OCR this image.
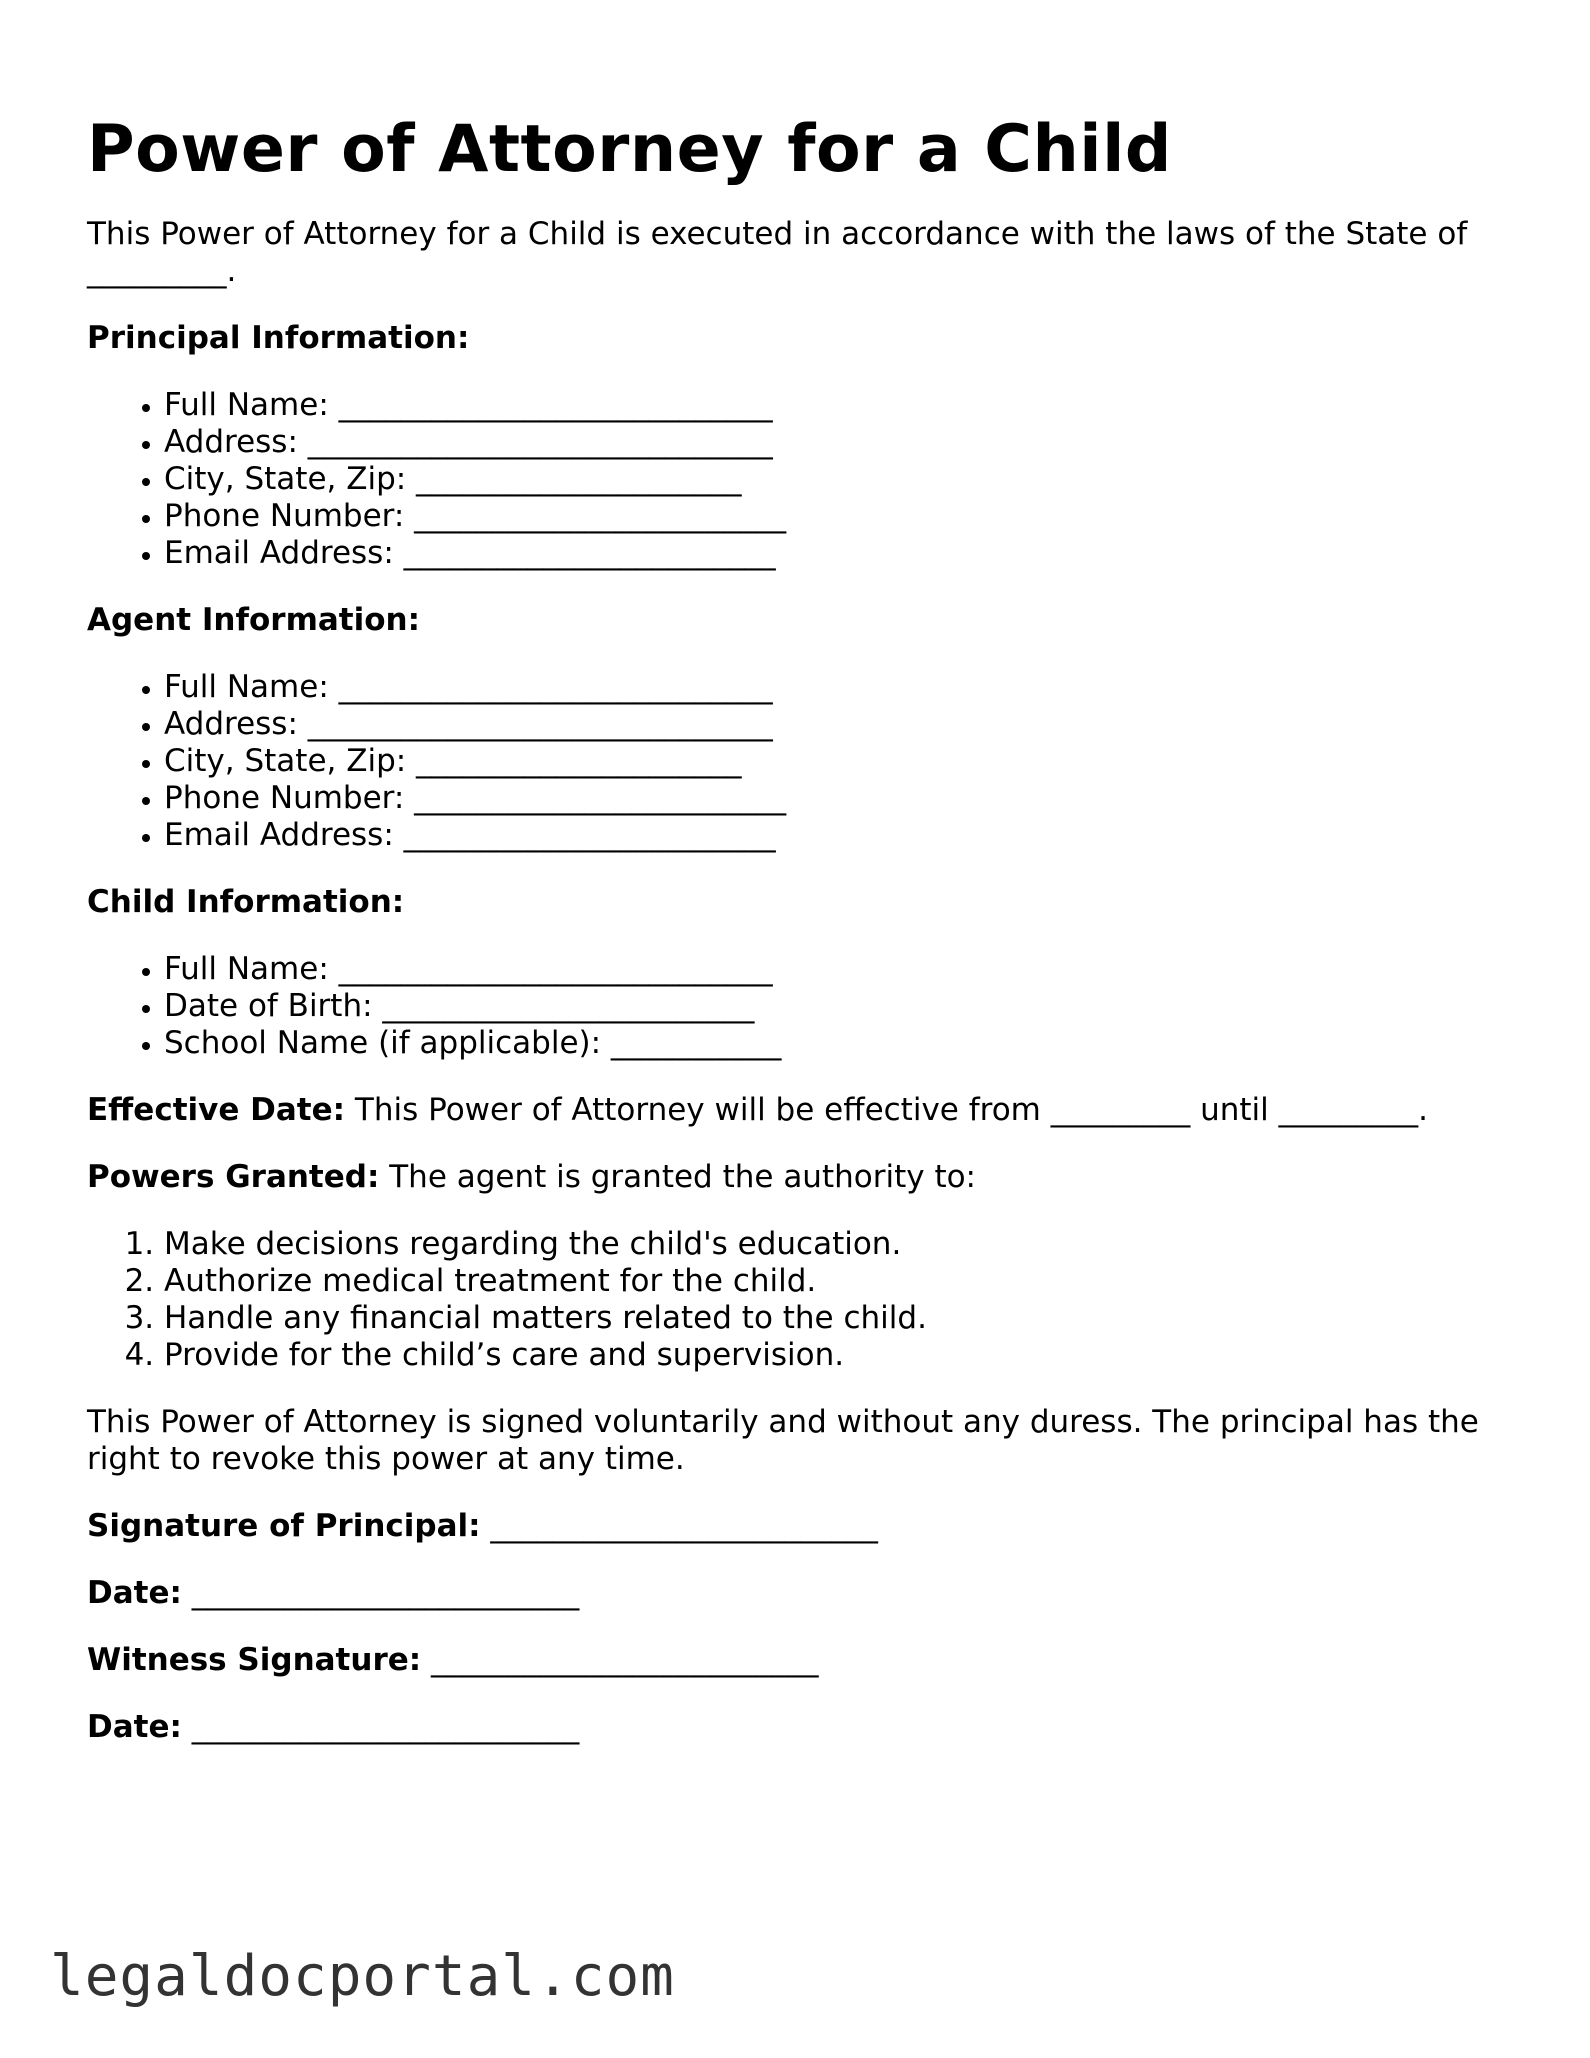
Power of Attorney for a Child

This Power of Attorney for a Child is executed in accordance with the laws of the State of _________.

Principal Information:

• Full Name: ____________________________
• Address: ______________________________
• City, State, Zip: _____________________
• Phone Number: ________________________
• Email Address: ________________________

Agent Information:

• Full Name: ____________________________
• Address: ______________________________
• City, State, Zip: _____________________
• Phone Number: ________________________
• Email Address: ________________________

Child Information:

• Full Name: ____________________________
• Date of Birth: ________________________
• School Name (if applicable): ___________

Effective Date: This Power of Attorney will be effective from _________ until _________.

Powers Granted: The agent is granted the authority to:

1. Make decisions regarding the child's education.
2. Authorize medical treatment for the child.
3. Handle any financial matters related to the child.
4. Provide for the child’s care and supervision.

This Power of Attorney is signed voluntarily and without any duress. The principal has the right to revoke this power at any time.

Signature of Principal: _________________________

Date: _________________________

Witness Signature: _________________________

Date: _________________________

legaldocportal.com
